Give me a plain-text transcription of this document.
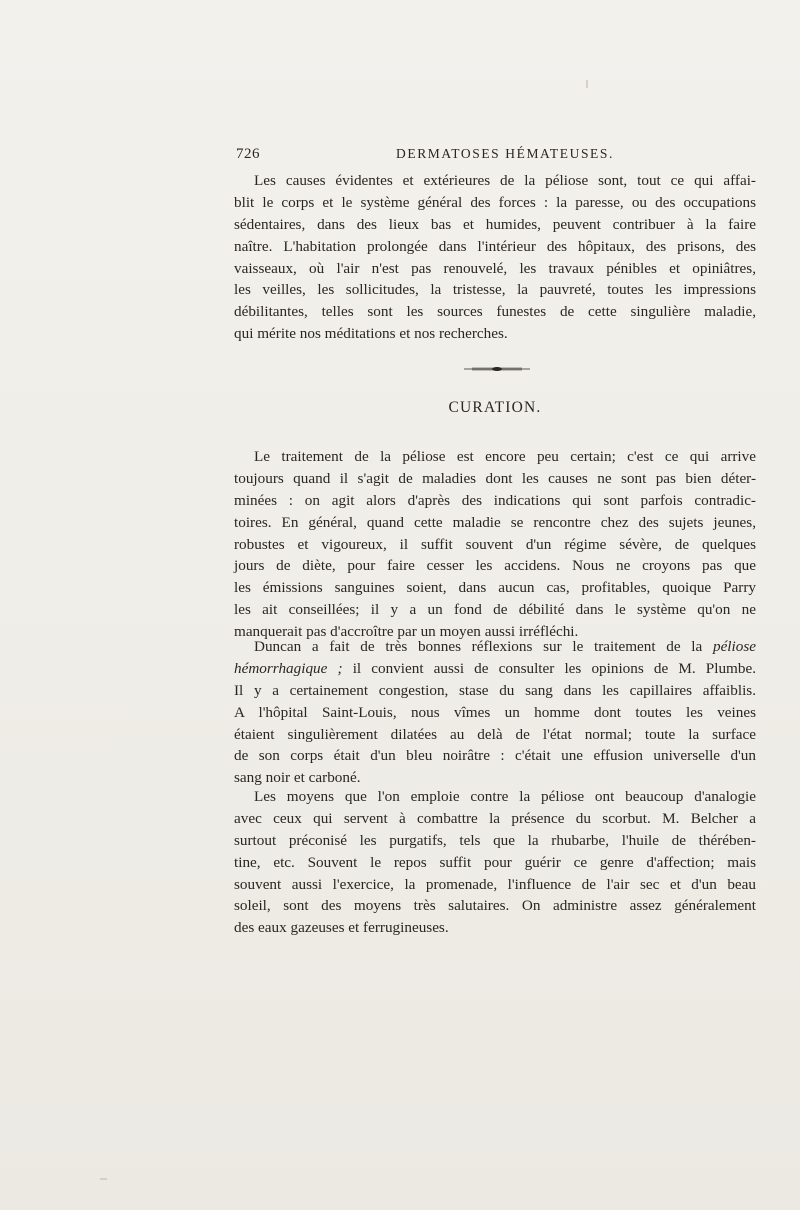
726	DERMATOSES HÉMATEUSES.
Les causes évidentes et extérieures de la péliose sont, tout ce qui affai-
blit le corps et le système général des forces : la paresse, ou des occupations
sédentaires, dans des lieux bas et humides, peuvent contribuer à la faire
naître. L'habitation prolongée dans l'intérieur des hôpitaux, des prisons, des
vaisseaux, où l'air n'est pas renouvelé, les travaux pénibles et opiniâtres,
les veilles, les sollicitudes, la tristesse, la pauvreté, toutes les impressions
débilitantes, telles sont les sources funestes de cette singulière maladie,
qui mérite nos méditations et nos recherches.
CURATION.
Le traitement de la péliose est encore peu certain; c'est ce qui arrive
toujours quand il s'agit de maladies dont les causes ne sont pas bien déter-
minées : on agit alors d'après des indications qui sont parfois contradic-
toires. En général, quand cette maladie se rencontre chez des sujets jeunes,
robustes et vigoureux, il suffit souvent d'un régime sévère, de quelques
jours de diète, pour faire cesser les accidens. Nous ne croyons pas que
les émissions sanguines soient, dans aucun cas, profitables, quoique Parry
les ait conseillées; il y a un fond de débilité dans le système qu'on ne
manquerait pas d'accroître par un moyen aussi irréfléchi.
Duncan a fait de très bonnes réflexions sur le traitement de la péliose
hémorrhagique ; il convient aussi de consulter les opinions de M. Plumbe.
Il y a certainement congestion, stase du sang dans les capillaires affaiblis.
A l'hôpital Saint-Louis, nous vîmes un homme dont toutes les veines
étaient singulièrement dilatées au delà de l'état normal; toute la surface
de son corps était d'un bleu noirâtre : c'était une effusion universelle d'un
sang noir et carboné.
Les moyens que l'on emploie contre la péliose ont beaucoup d'analogie
avec ceux qui servent à combattre la présence du scorbut. M. Belcher a
surtout préconisé les purgatifs, tels que la rhubarbe, l'huile de thérében-
tine, etc. Souvent le repos suffit pour guérir ce genre d'affection; mais
souvent aussi l'exercice, la promenade, l'influence de l'air sec et d'un beau
soleil, sont des moyens très salutaires. On administre assez généralement
des eaux gazeuses et ferrugineuses.
